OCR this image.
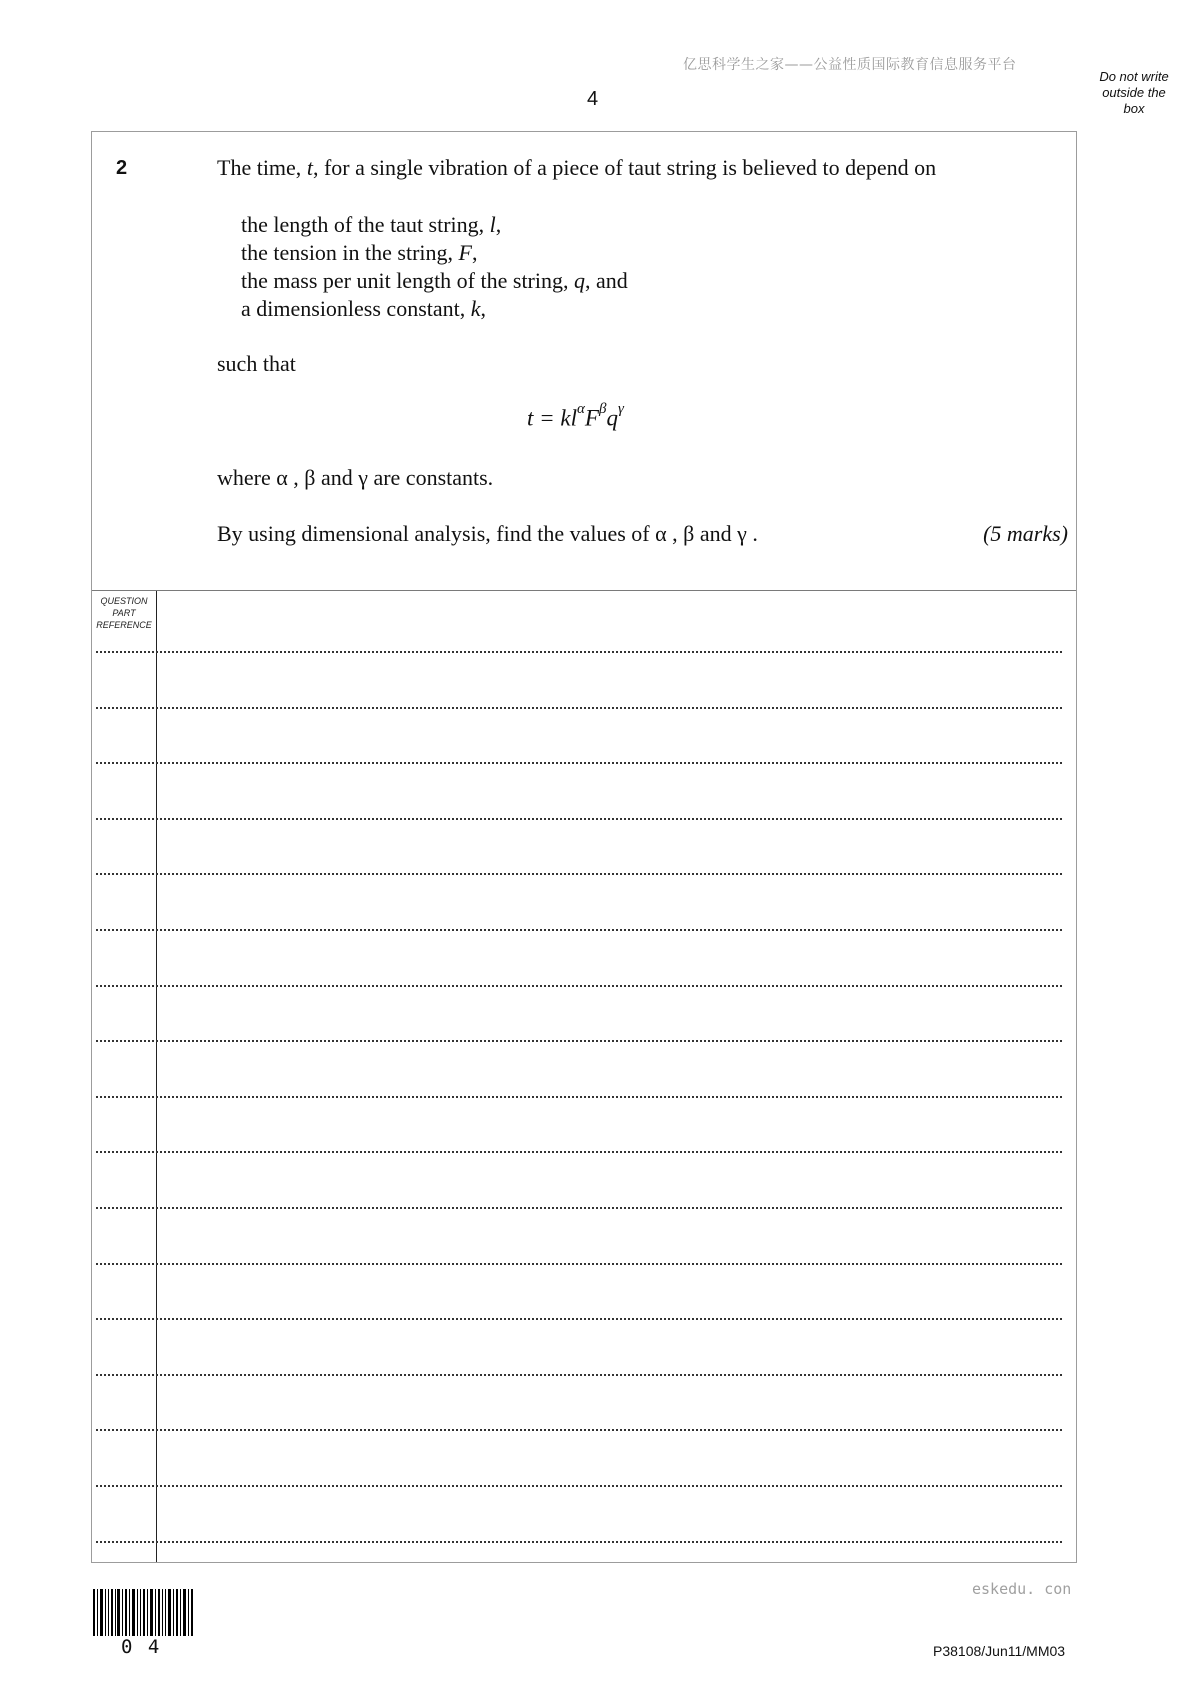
亿思科学生之家——公益性质国际教育信息服务平台
4
Do not write outside the box
2	The time, t, for a single vibration of a piece of taut string is believed to depend on
the length of the taut string, l,
the tension in the string, F,
the mass per unit length of the string, q, and
a dimensionless constant, k,
such that
$t = kl^\alpha F^\beta q^\gamma$
where α , β and γ are constants.
By using dimensional analysis, find the values of α , β and γ .	(5 marks)
QUESTION PART REFERENCE
0 4
eskedu. con
P38108/Jun11/MM03
